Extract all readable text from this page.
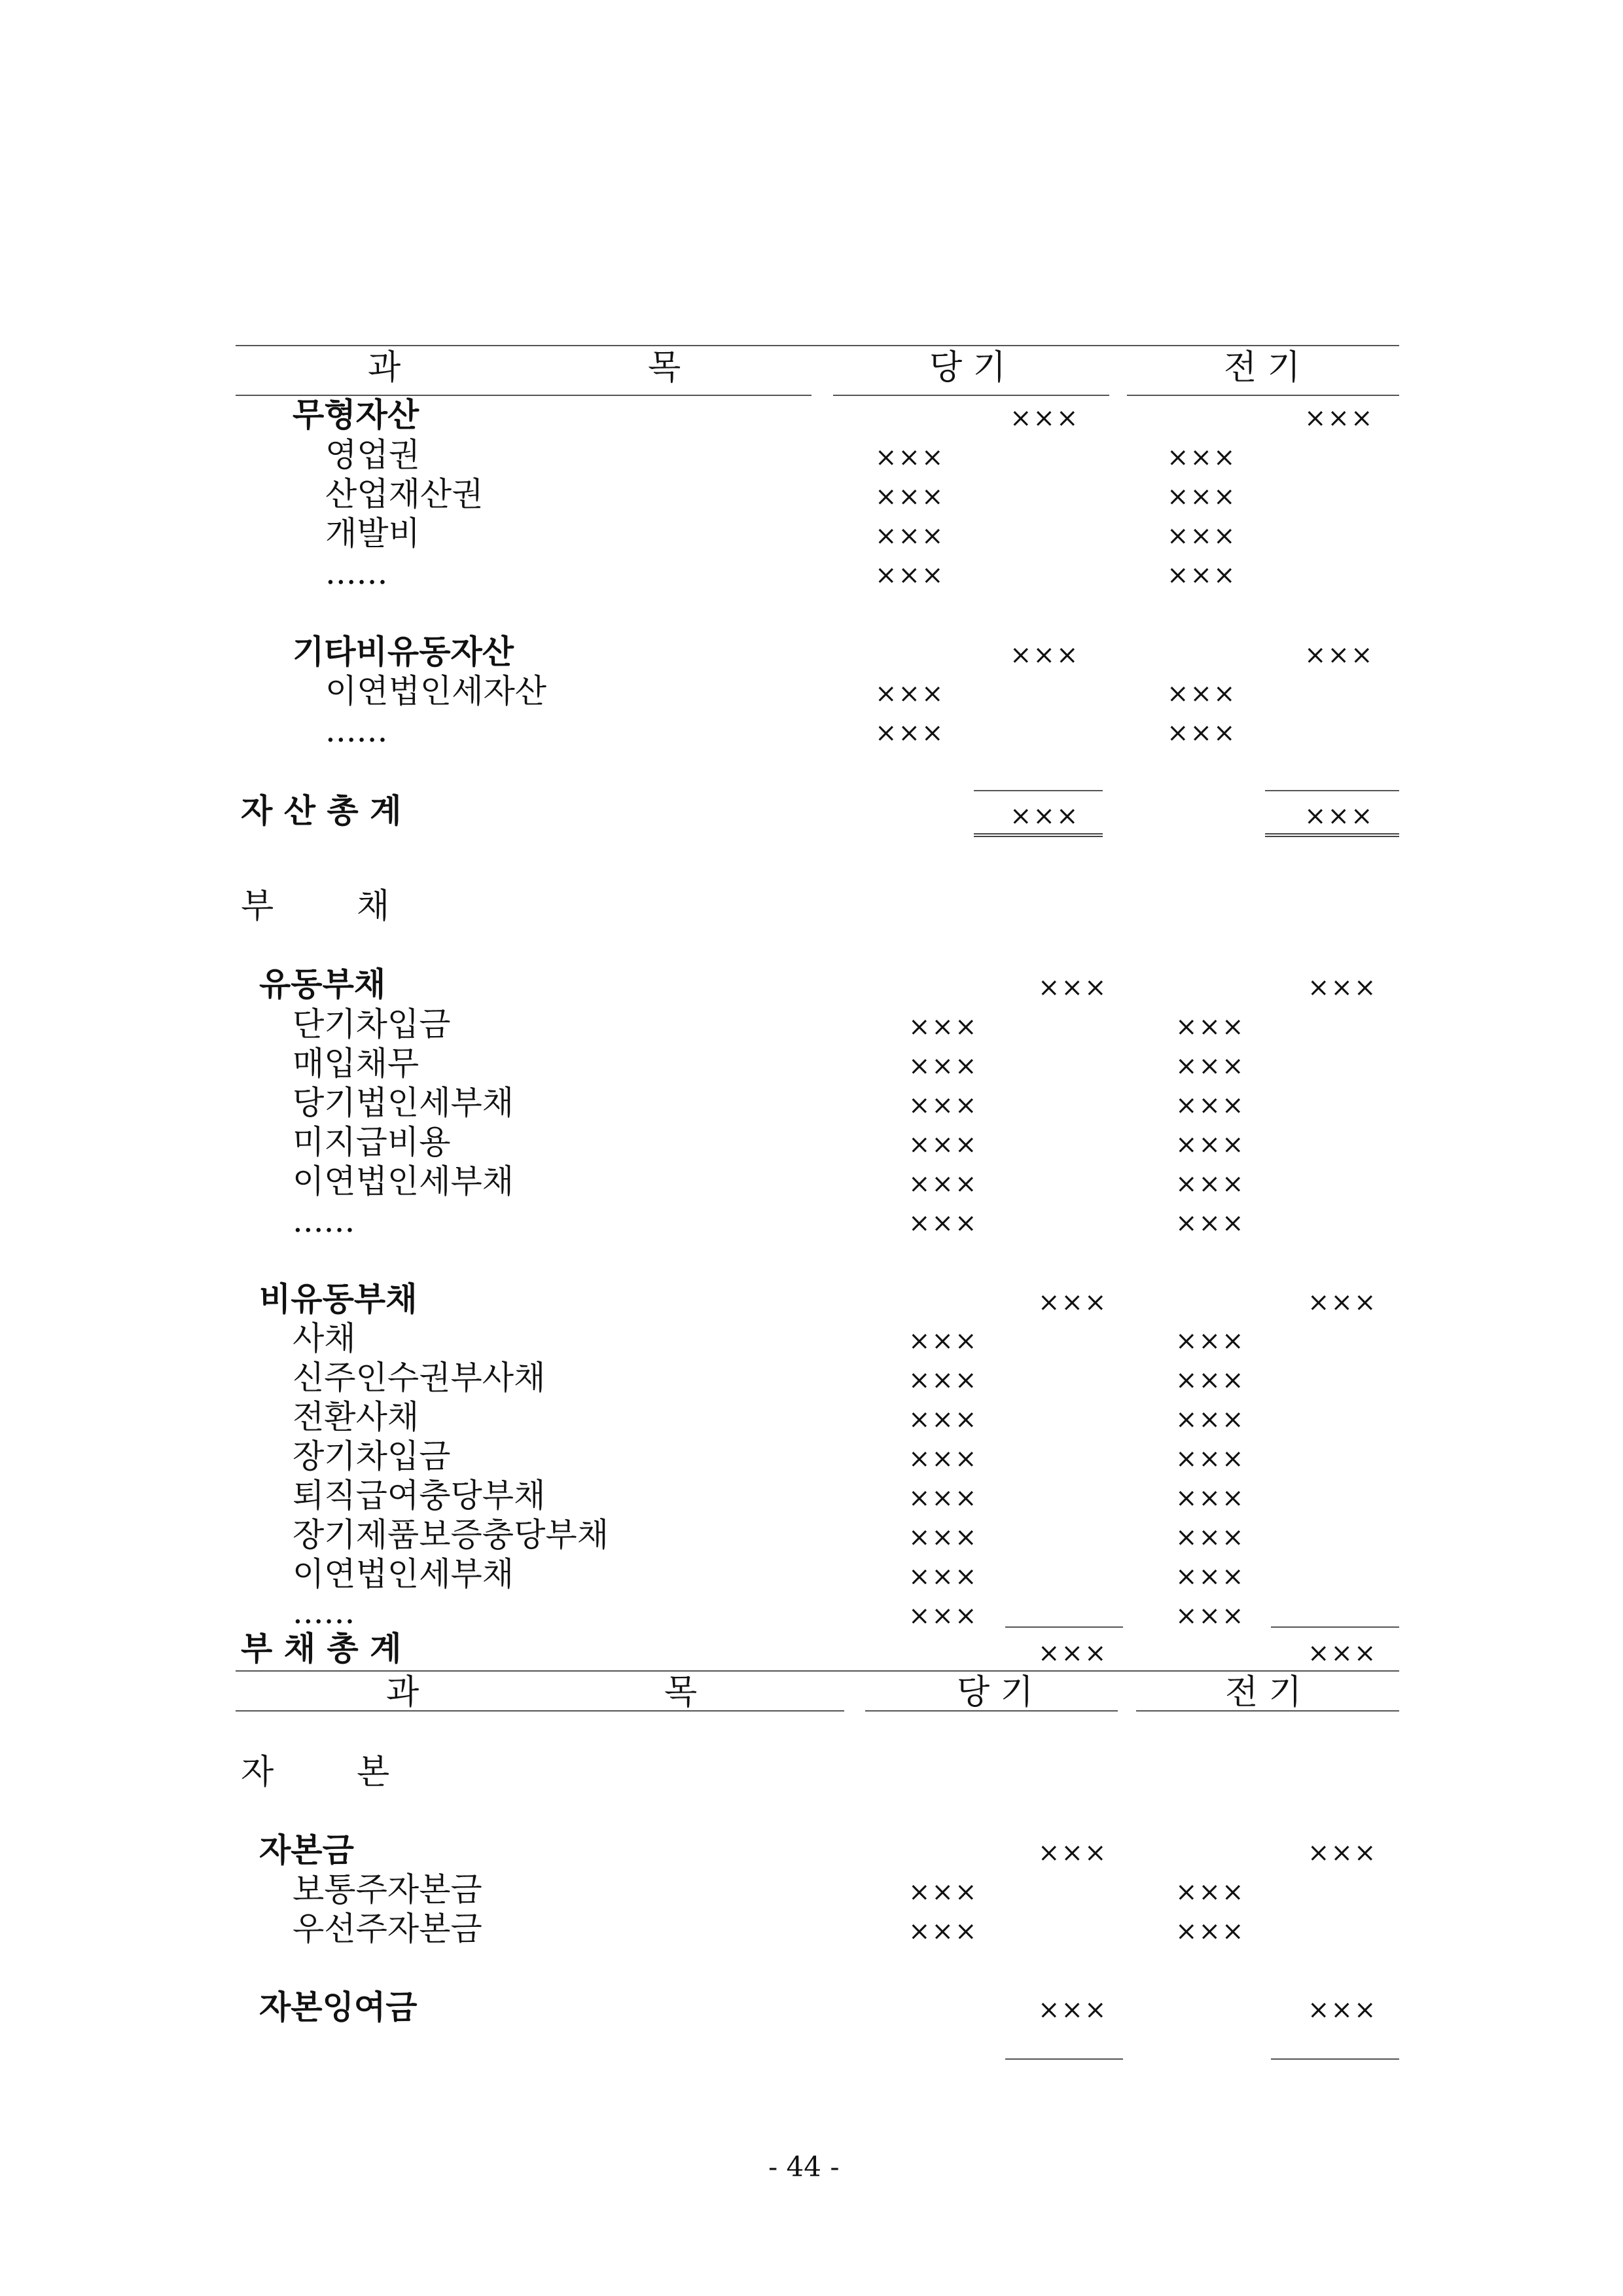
과	목	당 기	전 기
무형자산	×××	×××
영업권	×××	×××
산업재산권	×××	×××
개발비	×××	×××
......	×××	×××
기타비유동자산	×××	×××
이연법인세자산	×××	×××
......	×××	×××
자 산 총 계	×××	×××
부 채
유동부채	×××	×××
단기차입금	×××	×××
매입채무	×××	×××
당기법인세부채	×××	×××
미지급비용	×××	×××
이연법인세부채	×××	×××
......	×××	×××
비유동부채	×××	×××
사채	×××	×××
신주인수권부사채	×××	×××
전환사채	×××	×××
장기차입금	×××	×××
퇴직급여충당부채	×××	×××
장기제품보증충당부채	×××	×××
이연법인세부채	×××	×××
......	×××	×××
부 채 총 계	×××	×××
과	목	당 기	전 기
자 본
자본금	×××	×××
보통주자본금	×××	×××
우선주자본금	×××	×××
자본잉여금	×××	×××
- 44 -
